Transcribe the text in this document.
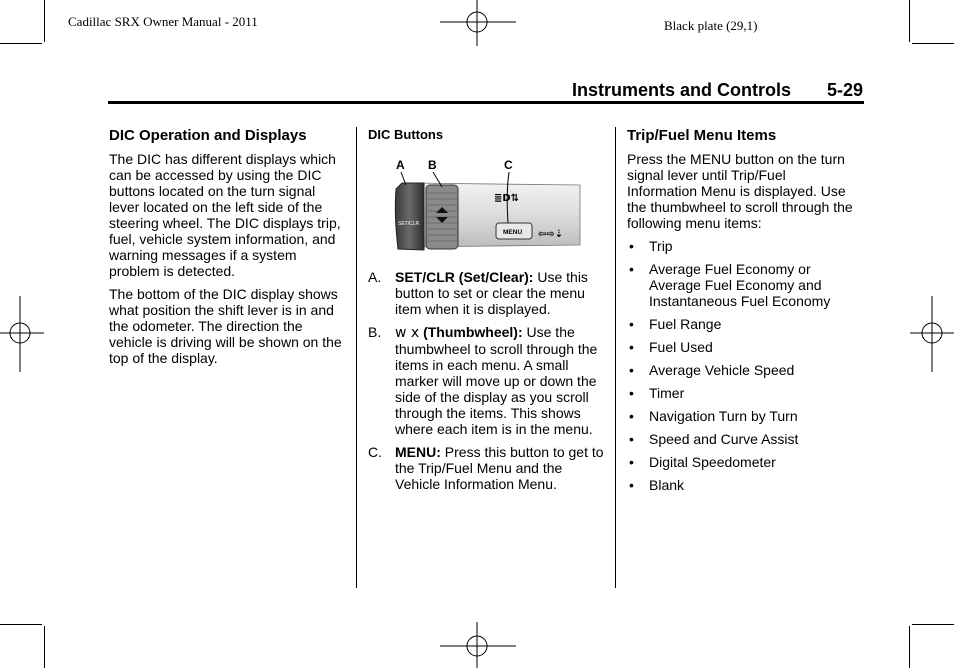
Cadillac SRX Owner Manual - 2011	Black plate (29,1)
Instruments and Controls 5-29
DIC Operation and Displays

The DIC has different displays which can be accessed by using the DIC buttons located on the turn signal lever located on the left side of the steering wheel. The DIC displays trip, fuel, vehicle system information, and warning messages if a system problem is detected.

The bottom of the DIC display shows what position the shift lever is in and the odometer. The direction the vehicle is driving will be shown on the top of the display.

DIC Buttons
SET/CLR
MENU
≣D⇅
⇦⇨⇣
A B	C
A. SET/CLR (Set/Clear): Use this button to set or clear the menu item when it is displayed.
B. w x (Thumbwheel): Use the thumbwheel to scroll through the items in each menu. A small marker will move up or down the side of the display as you scroll through the items. This shows where each item is in the menu.
C. MENU: Press this button to get to the Trip/Fuel Menu and the Vehicle Information Menu.
Trip/Fuel Menu Items

Press the MENU button on the turn signal lever until Trip/Fuel Information Menu is displayed. Use the thumbwheel to scroll through the following menu items:

• Trip
• Average Fuel Economy or Average Fuel Economy and Instantaneous Fuel Economy
• Fuel Range
• Fuel Used
• Average Vehicle Speed
• Timer
• Navigation Turn by Turn
• Speed and Curve Assist
• Digital Speedometer
• Blank
